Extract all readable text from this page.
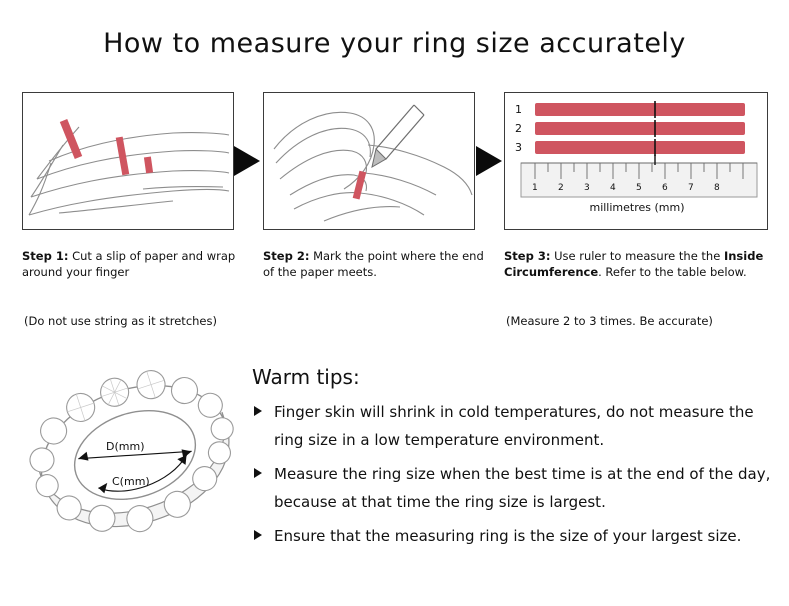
How to measure your ring size accurately
1 2 3 4 5 6 7 8
millimetres (mm)
1
2
3
Step 1: Cut a slip of paper and wrap around your finger
Step 2: Mark the point where the end of the paper meets.
Step 3: Use ruler to measure the the Inside Circumference. Refer to the table below.
(Do not use string as it stretches)	(Measure 2 to 3 times. Be accurate)
D(mm)
C(mm)
Warm tips:
Finger skin will shrink in cold temperatures, do not measure the ring size in a low temperature environment.
Measure the ring size when the best time is at the end of the day, because at that time the ring size is largest.
Ensure that the measuring ring is the size of your largest size.
